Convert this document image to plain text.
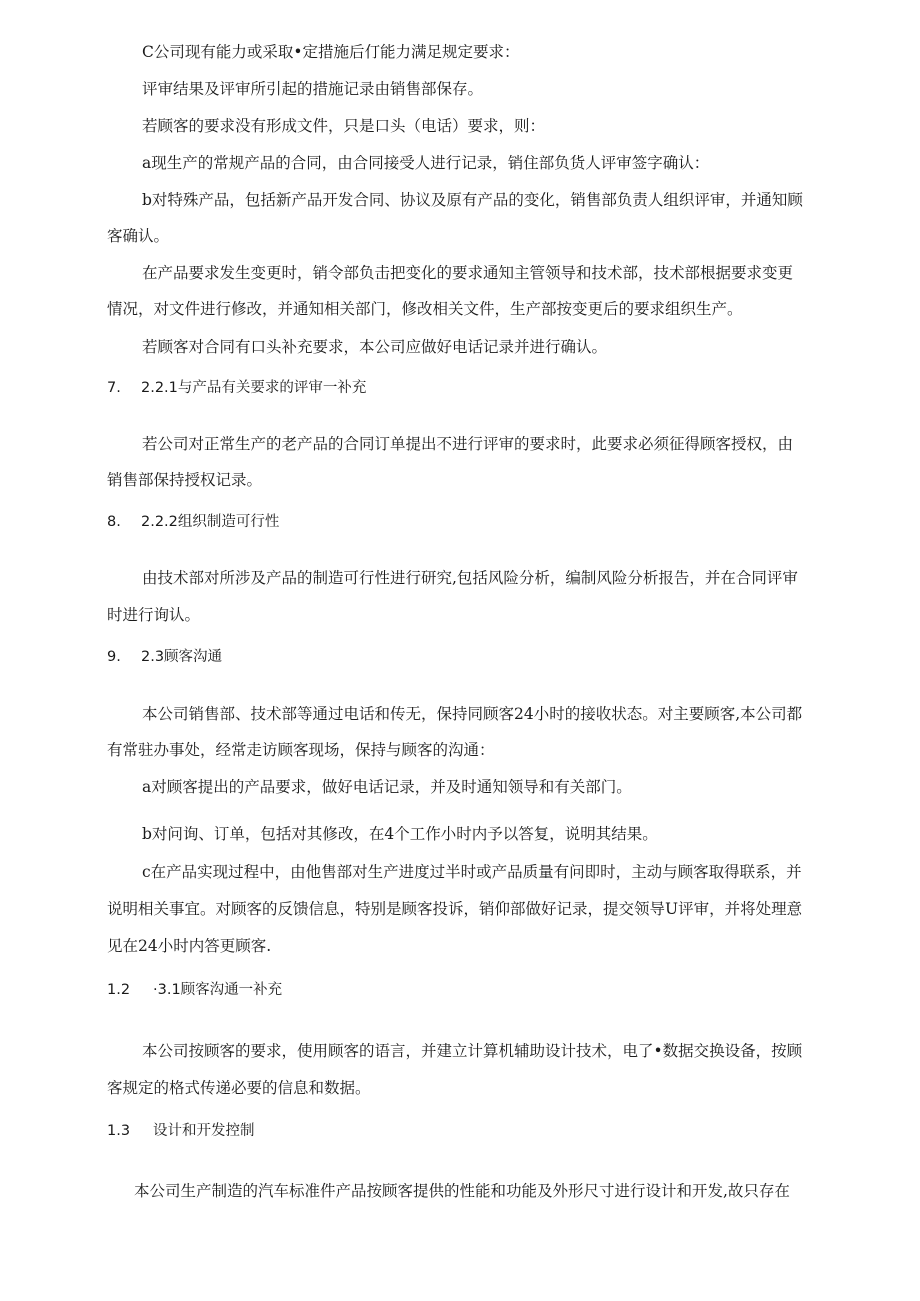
C公司现有能力或采取•定措施后仃能力满足规定要求：
评审结果及评审所引起的措施记录由销售部保存。
若顾客的要求没有形成文件，只是口头（电话）要求，则：
a现生产的常规产品的合同，由合同接受人进行记录，销住部负货人评审签字确认：
b对特殊产品，包括新产品开发合同、协议及原有产品的变化，销售部负责人组织评审，并通知顾
客确认。
在产品要求发生变更时，销令部负击把变化的要求通知主管领导和技术部，技术部根据要求变更
情况，对文件进行修改，并通知相关部门，修改相关文件，生产部按变更后的要求组织生产。
若顾客对合同有口头补充要求，本公司应做好电话记录并进行确认。
7. 2.2.1与产品有关要求的评审一补充
若公司对正常生产的老产品的合同订单提出不进行评审的要求时，此要求必须征得顾客授权，由
销售部保持授权记录。
8. 2.2.2组织制造可行性
由技术部对所涉及产品的制造可行性进行研究,包括风险分析，编制风险分析报告，并在合同评审
时进行询认。
9. 2.3顾客沟通
本公司销售部、技术部等通过电话和传无，保持同顾客24小时的接收状态。对主要顾客,本公司都
有常驻办事处，经常走访顾客现场，保持与顾客的沟通：
a对顾客提出的产品要求，做好电话记录，并及时通知领导和有关部门。
b对问询、订单，包括对其修改，在4个工作小时内予以答复，说明其结果。
c在产品实现过程中，由他售部对生产进度过半时或产品质量有问即时，主动与顾客取得联系，并
说明相关事宜。对顾客的反馈信息，特别是顾客投诉，销仰部做好记录，提交领导U评审，并将处理意
见在24小时内答更顾客.
1.2 ·3.1顾客沟通一补充
本公司按顾客的要求，使用顾客的语言，并建立计算机辅助设计技术，电了•数据交换设备，按顾
客规定的格式传递必要的信息和数据。
1.3 设计和开发控制
本公司生产制造的汽车标准件产品按顾客提供的性能和功能及外形尺寸进行设计和开发,故只存在
